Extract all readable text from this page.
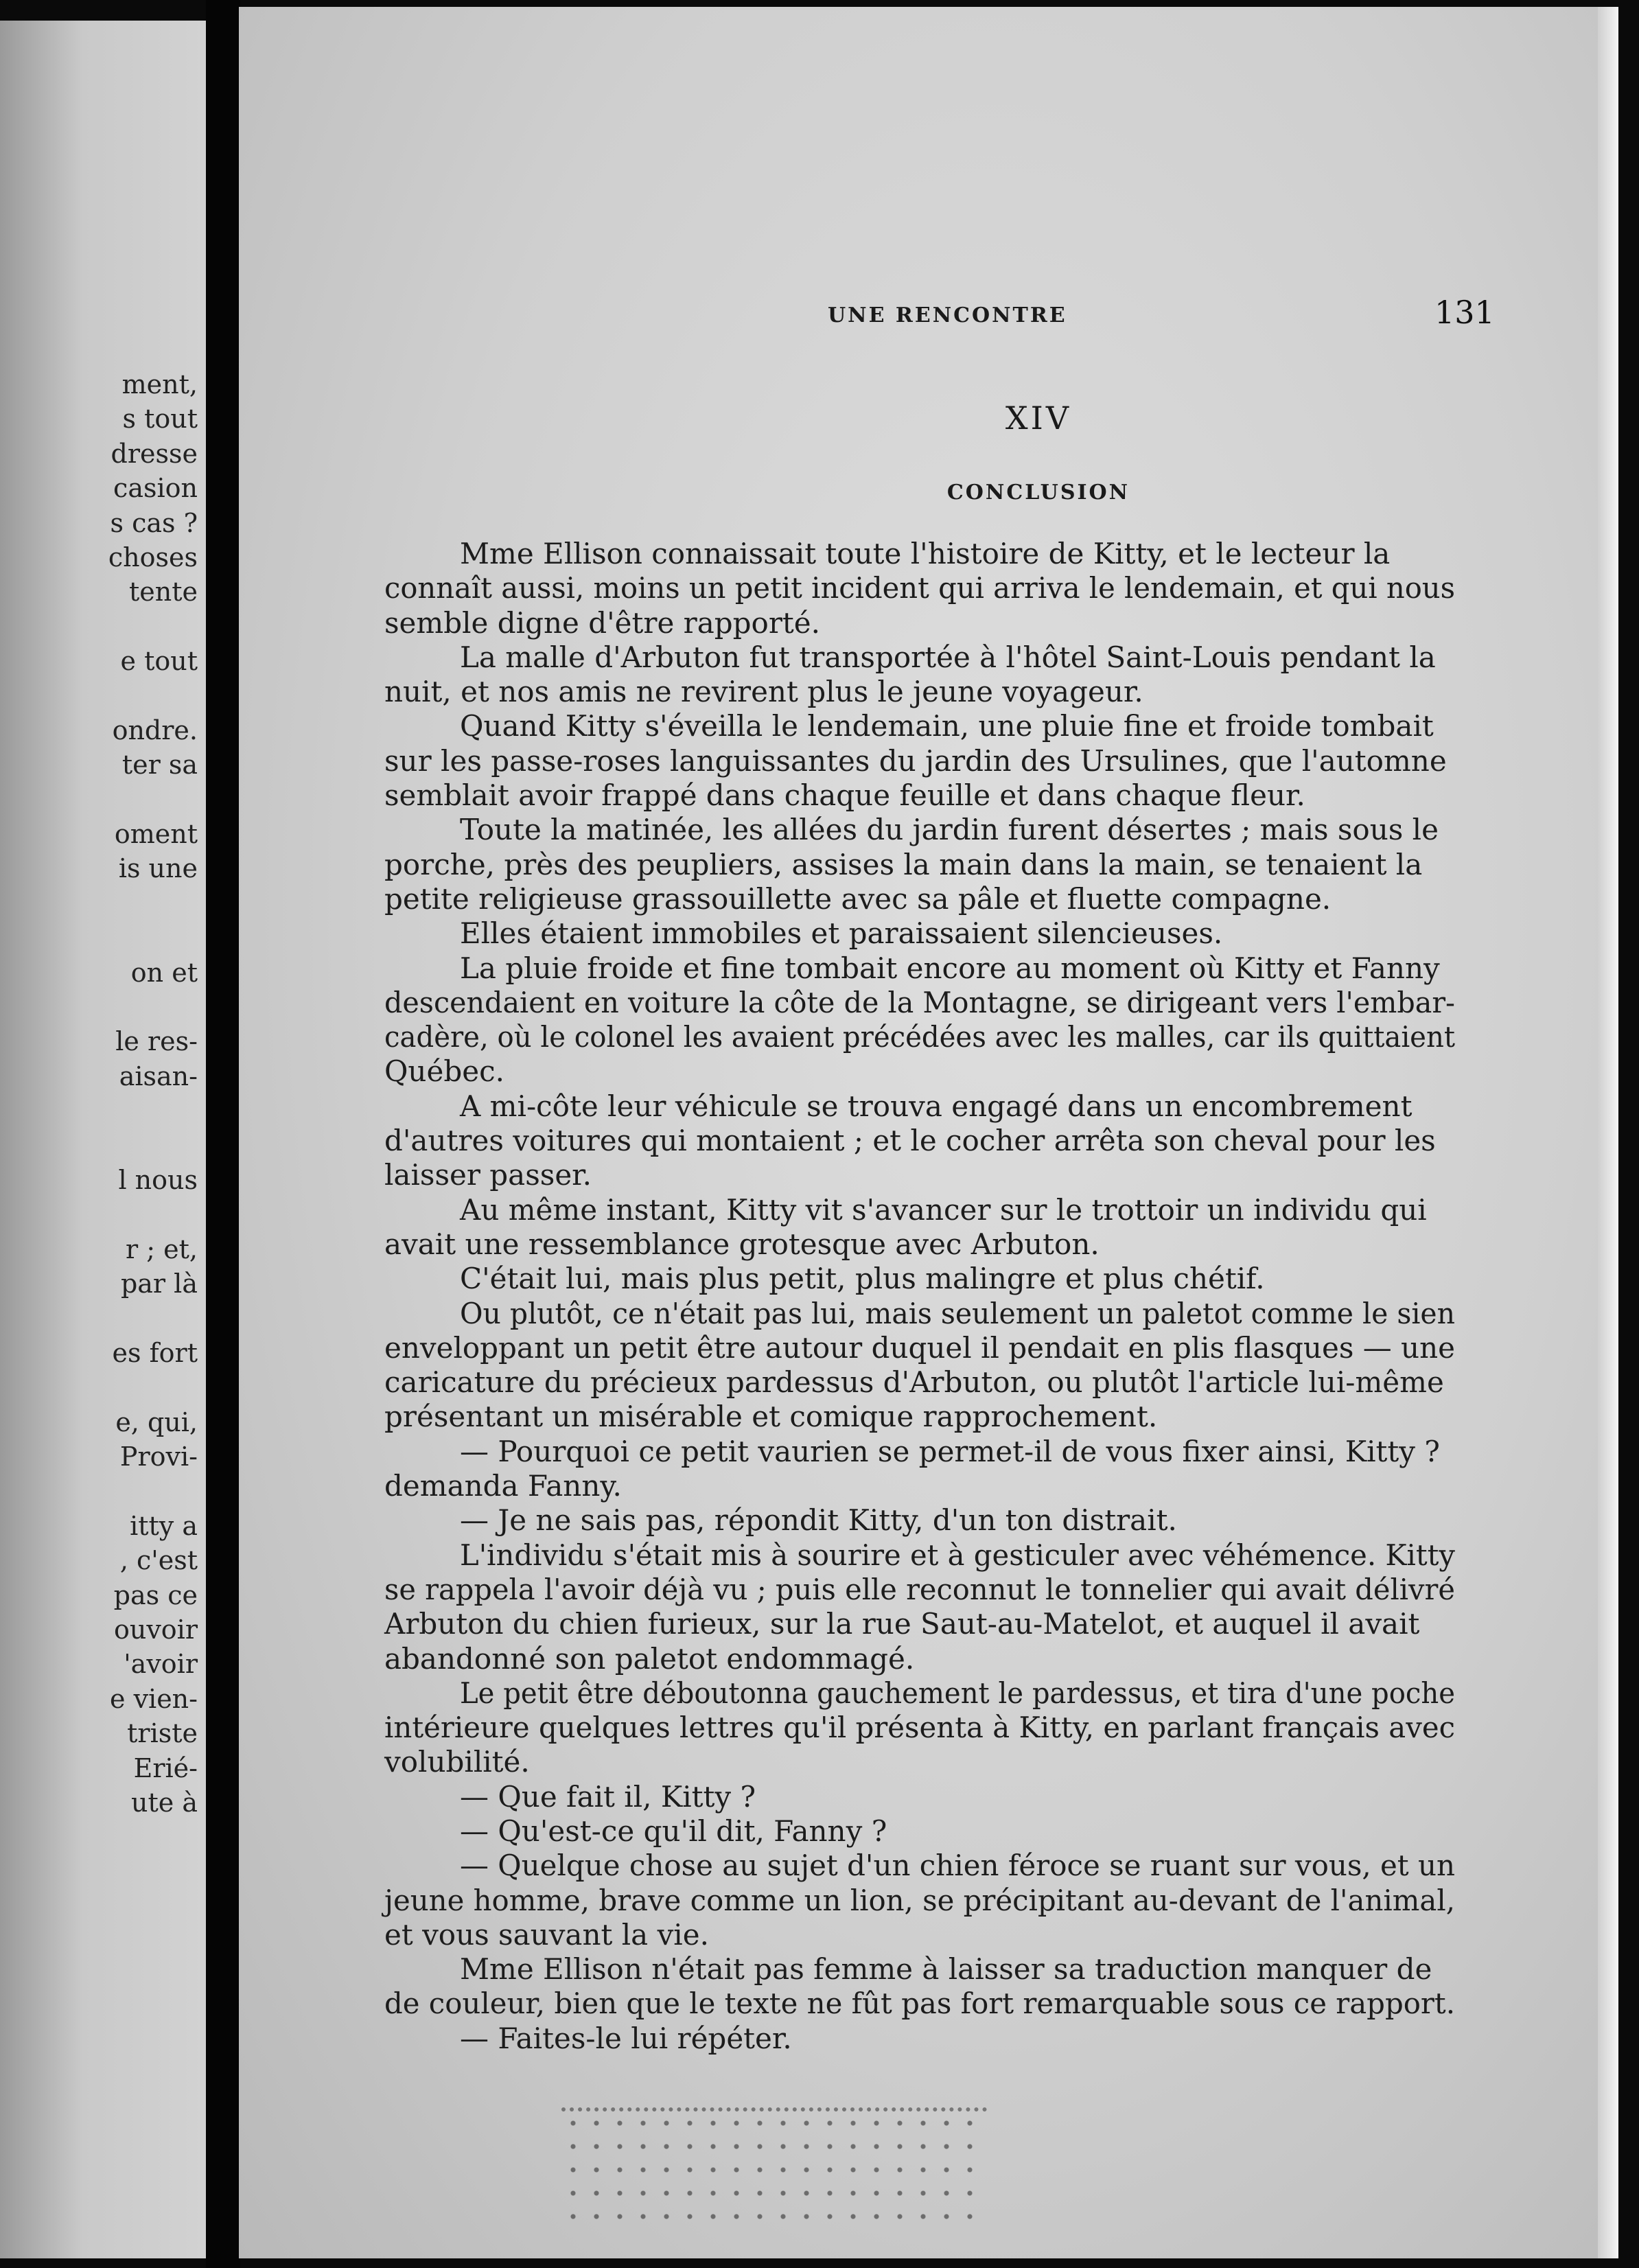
ment,
s tout
dresse
casion
s cas ?
choses
tente
e tout
ondre.
ter sa
oment
is une
on et
le res-
aisan-
l nous
r ; et,
par là
es fort
e, qui,
Provi-
itty a
, c'est
pas ce
ouvoir
'avoir
e vien-
triste
Erié-
ute à
UNE RENCONTRE	131
XIV
CONCLUSION
Mme Ellison connaissait toute l'histoire de Kitty, et le lecteur la
connaît aussi, moins un petit incident qui arriva le lendemain, et qui nous
semble digne d'être rapporté.
La malle d'Arbuton fut transportée à l'hôtel Saint-Louis pendant la
nuit, et nos amis ne revirent plus le jeune voyageur.
Quand Kitty s'éveilla le lendemain, une pluie fine et froide tombait
sur les passe-roses languissantes du jardin des Ursulines, que l'automne
semblait avoir frappé dans chaque feuille et dans chaque fleur.
Toute la matinée, les allées du jardin furent désertes ; mais sous le
porche, près des peupliers, assises la main dans la main, se tenaient la
petite religieuse grassouillette avec sa pâle et fluette compagne.
Elles étaient immobiles et paraissaient silencieuses.
La pluie froide et fine tombait encore au moment où Kitty et Fanny
descendaient en voiture la côte de la Montagne, se dirigeant vers l'embar-
cadère, où le colonel les avaient précédées avec les malles, car ils quittaient
Québec.
A mi-côte leur véhicule se trouva engagé dans un encombrement
d'autres voitures qui montaient ; et le cocher arrêta son cheval pour les
laisser passer.
Au même instant, Kitty vit s'avancer sur le trottoir un individu qui
avait une ressemblance grotesque avec Arbuton.
C'était lui, mais plus petit, plus malingre et plus chétif.
Ou plutôt, ce n'était pas lui, mais seulement un paletot comme le sien
enveloppant un petit être autour duquel il pendait en plis flasques — une
caricature du précieux pardessus d'Arbuton, ou plutôt l'article lui-même
présentant un misérable et comique rapprochement.
— Pourquoi ce petit vaurien se permet-il de vous fixer ainsi, Kitty ?
demanda Fanny.
— Je ne sais pas, répondit Kitty, d'un ton distrait.
L'individu s'était mis à sourire et à gesticuler avec véhémence. Kitty
se rappela l'avoir déjà vu ; puis elle reconnut le tonnelier qui avait délivré
Arbuton du chien furieux, sur la rue Saut-au-Matelot, et auquel il avait
abandonné son paletot endommagé.
Le petit être déboutonna gauchement le pardessus, et tira d'une poche
intérieure quelques lettres qu'il présenta à Kitty, en parlant français avec
volubilité.
— Que fait il, Kitty ?
— Qu'est-ce qu'il dit, Fanny ?
— Quelque chose au sujet d'un chien féroce se ruant sur vous, et un
jeune homme, brave comme un lion, se précipitant au-devant de l'animal,
et vous sauvant la vie.
Mme Ellison n'était pas femme à laisser sa traduction manquer de
de couleur, bien que le texte ne fût pas fort remarquable sous ce rapport.
— Faites-le lui répéter.
